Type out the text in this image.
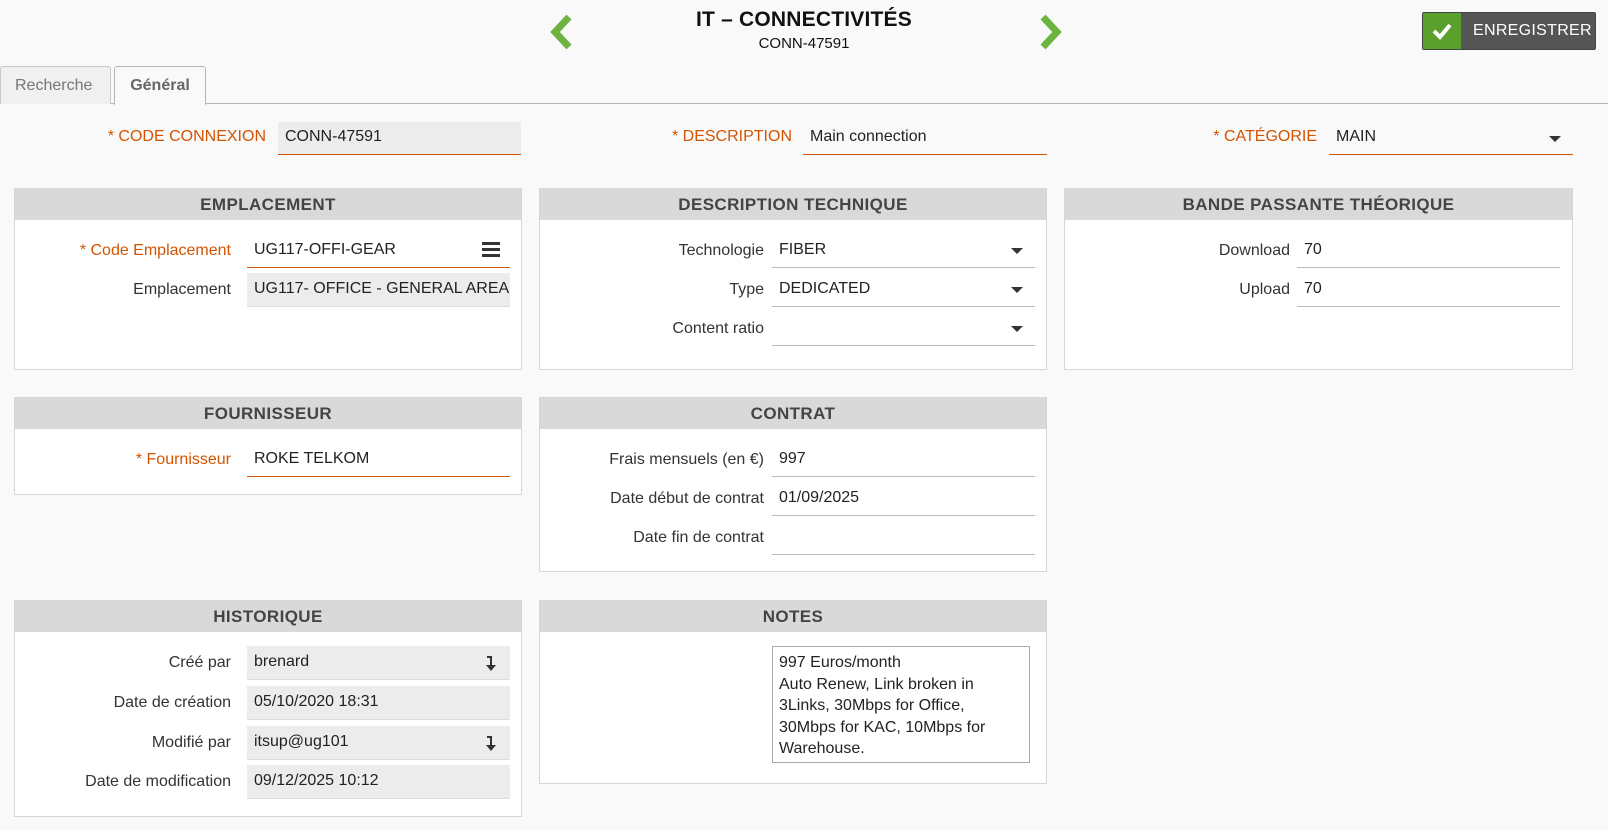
IT – CONNECTIVITÉS
CONN-47591
ENREGISTRER
Recherche	Général
* CODE CONNEXION	CONN-47591	* DESCRIPTION	Main connection	* CATÉGORIE	MAIN
EMPLACEMENT
* Code Emplacement	UG117-OFFI-GEAR
Emplacement	UG117- OFFICE - GENERAL AREA
DESCRIPTION TECHNIQUE
Technologie FIBER
Type DEDICATED
Content ratio
BANDE PASSANTE THÉORIQUE
Download 70
Upload 70
FOURNISSEUR
* Fournisseur	ROKE TELKOM
CONTRAT
Frais mensuels (en €) 997
Date début de contrat 01/09/2025
Date fin de contrat
HISTORIQUE
Créé par	brenard
Date de création	05/10/2020 18:31
Modifié par	itsup@ug101
Date de modification	09/12/2025 10:12
NOTES
997 Euros/month
Auto Renew, Link broken in 3Links, 30Mbps for Office, 30Mbps for KAC, 10Mbps for Warehouse.
